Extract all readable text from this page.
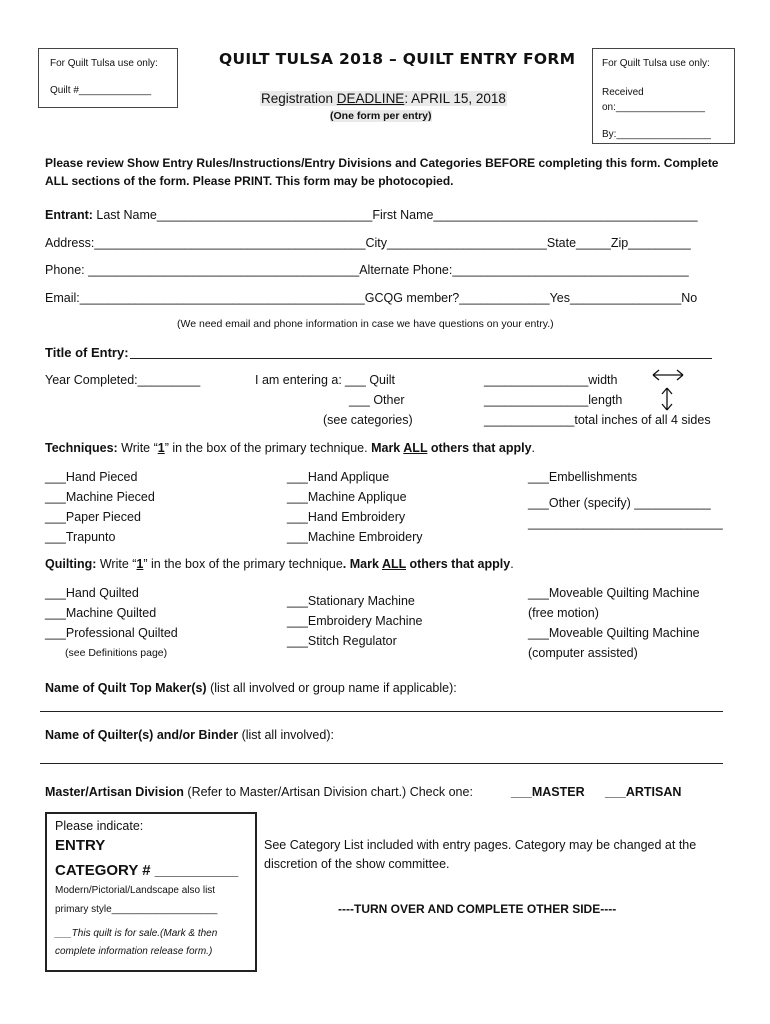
For Quilt Tulsa use only:
Quilt #_____________
QUILT TULSA 2018 – QUILT ENTRY FORM
Registration DEADLINE: APRIL 15, 2018
(One form per entry)
For Quilt Tulsa use only:
Received
on:________________
By:_________________
Please review Show Entry Rules/Instructions/Entry Divisions and Categories BEFORE completing this form. Complete
ALL sections of the form. Please PRINT. This form may be photocopied.
Entrant: Last Name_______________________________First Name______________________________________
Address:_______________________________________City_______________________State_____Zip_________
Phone: _______________________________________Alternate Phone:__________________________________
Email:_________________________________________GCQG member?_____________Yes________________No
(We need email and phone information in case we have questions on your entry.)
Title of Entry:
Year Completed:_________	I am entering a: ___ Quilt
___ Other
(see categories)
_______________width
_______________length
_____________total inches of all 4 sides
Techniques: Write “1” in the box of the primary technique. Mark ALL others that apply.
___Hand Pieced
___Machine Pieced
___Paper Pieced
___Trapunto
___Hand Applique
___Machine Applique
___Hand Embroidery
___Machine Embroidery
___Embellishments
___Other (specify) ___________
____________________________
Quilting: Write “1” in the box of the primary technique. Mark ALL others that apply.
___Hand Quilted
___Machine Quilted
___Professional Quilted
(see Definitions page)
___Stationary Machine
___Embroidery Machine
___Stitch Regulator
___Moveable Quilting Machine
(free motion)
___Moveable Quilting Machine
(computer assisted)
Name of Quilt Top Maker(s) (list all involved or group name if applicable):
Name of Quilter(s) and/or Binder (list all involved):
Master/Artisan Division (Refer to Master/Artisan Division chart.) Check one:	___MASTER ___ARTISAN
Please indicate:
ENTRY
CATEGORY # __________
Modern/Pictorial/Landscape also list
primary style___________________
___This quilt is for sale.(Mark & then
complete information release form.)
See Category List included with entry pages. Category may be changed at the
discretion of the show committee.
----TURN OVER AND COMPLETE OTHER SIDE----
